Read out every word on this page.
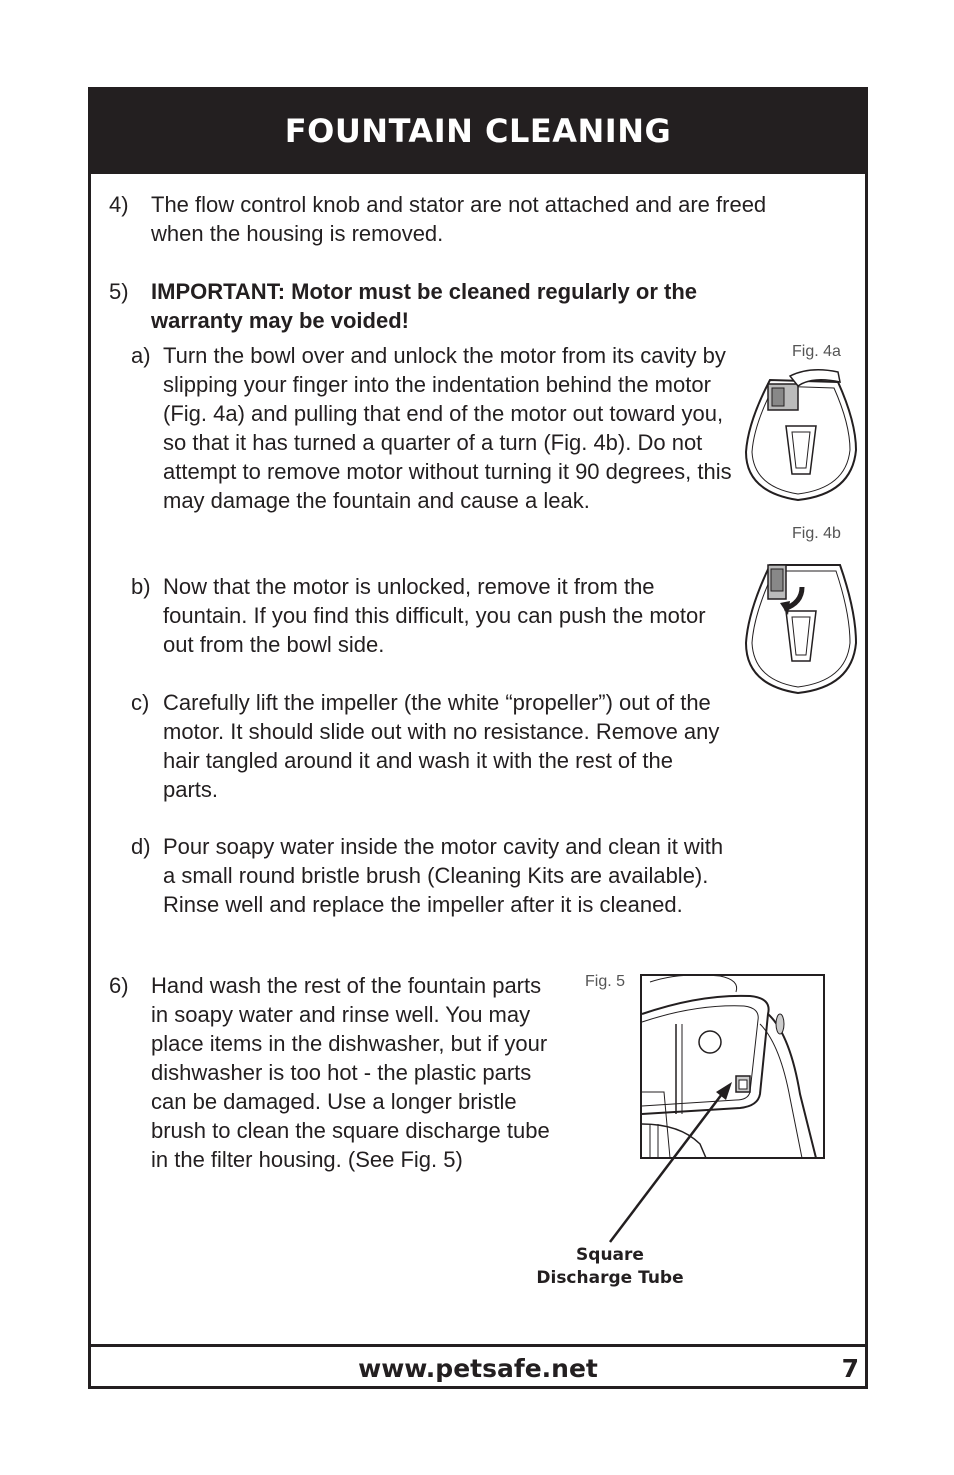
FOUNTAIN CLEANING
www.petsafe.net	7
4) The flow control knob and stator are not attached and are freed when the housing is removed.

5) IMPORTANT: Motor must be cleaned regularly or the warranty may be voided!

a) Turn the bowl over and unlock the motor from its cavity by slipping your finger into the indentation behind the motor (Fig. 4a) and pulling that end of the motor out toward you, so that it has turned a quarter of a turn (Fig. 4b). Do not attempt to remove motor without turning it 90 degrees, this may damage the fountain and cause a leak.

b) Now that the motor is unlocked, remove it from the fountain. If you find this difficult, you can push the motor out from the bowl side.

c) Carefully lift the impeller (the white “propeller”) out of the motor. It should slide out with no resistance. Remove any hair tangled around it and wash it with the rest of the parts.

d) Pour soapy water inside the motor cavity and clean it with a small round bristle brush (Cleaning Kits are available). Rinse well and replace the impeller after it is cleaned.

6) Hand wash the rest of the fountain parts in soapy water and rinse well. You may place items in the dishwasher, but if your dishwasher is too hot - the plastic parts can be damaged. Use a longer bristle brush to clean the square discharge tube in the filter housing. (See Fig. 5)

Fig. 4a
Fig. 4b
Fig. 5
Square
Discharge Tube
